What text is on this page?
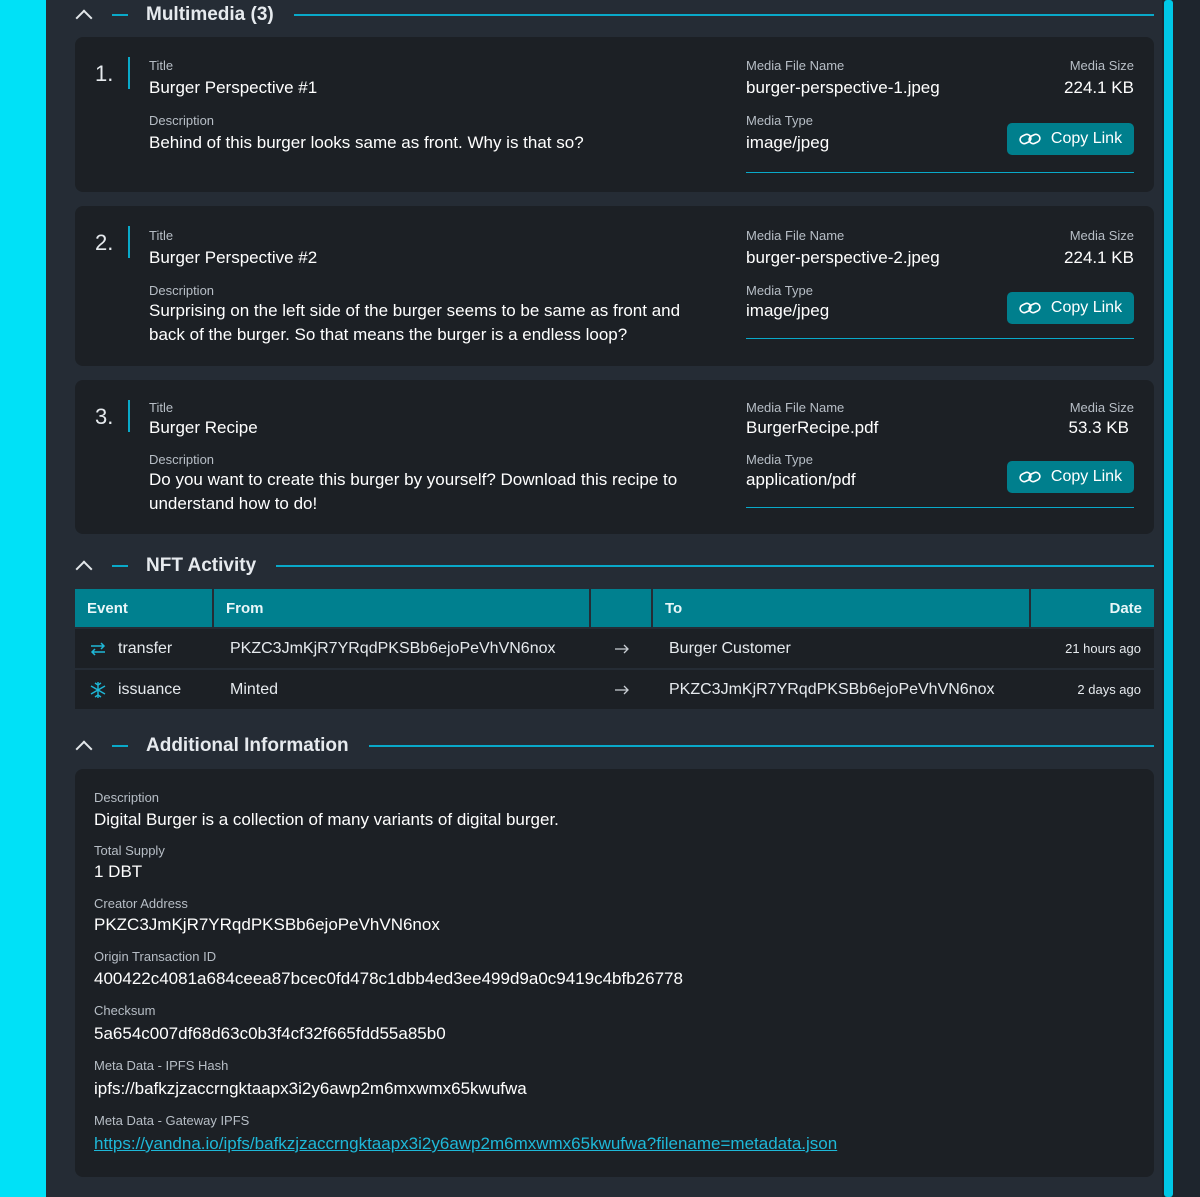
Multimedia (3)
1.	Title
Burger Perspective #1
Description
Behind of this burger looks same as front. Why is that so?
Media File Name
burger-perspective-1.jpeg
Media Size
224.1 KB
Media Type
image/jpeg	Copy Link
2.	Title
Burger Perspective #2
Description
Surprising on the left side of the burger seems to be same as front and back of the burger. So that means the burger is a endless loop?
Media File Name
burger-perspective-2.jpeg
Media Size
224.1 KB
Media Type
image/jpeg	Copy Link
3.	Title
Burger Recipe
Description
Do you want to create this burger by yourself? Download this recipe to understand how to do!
Media File Name
BurgerRecipe.pdf
Media Size
53.3 KB
Media Type
application/pdf	Copy Link
NFT Activity
Event	From	To	Date
transfer	PKZC3JmKjR7YRqdPKSBb6ejoPeVhVN6nox	Burger Customer	21 hours ago
issuance	Minted	PKZC3JmKjR7YRqdPKSBb6ejoPeVhVN6nox	2 days ago
Additional Information
Description
Digital Burger is a collection of many variants of digital burger.
Total Supply
1 DBT
Creator Address
PKZC3JmKjR7YRqdPKSBb6ejoPeVhVN6nox
Origin Transaction ID
400422c4081a684ceea87bcec0fd478c1dbb4ed3ee499d9a0c9419c4bfb26778
Checksum
5a654c007df68d63c0b3f4cf32f665fdd55a85b0
Meta Data - IPFS Hash
ipfs://bafkzjzaccrngktaapx3i2y6awp2m6mxwmx65kwufwa
Meta Data - Gateway IPFS
https://yandna.io/ipfs/bafkzjzaccrngktaapx3i2y6awp2m6mxwmx65kwufwa?filename=metadata.json
